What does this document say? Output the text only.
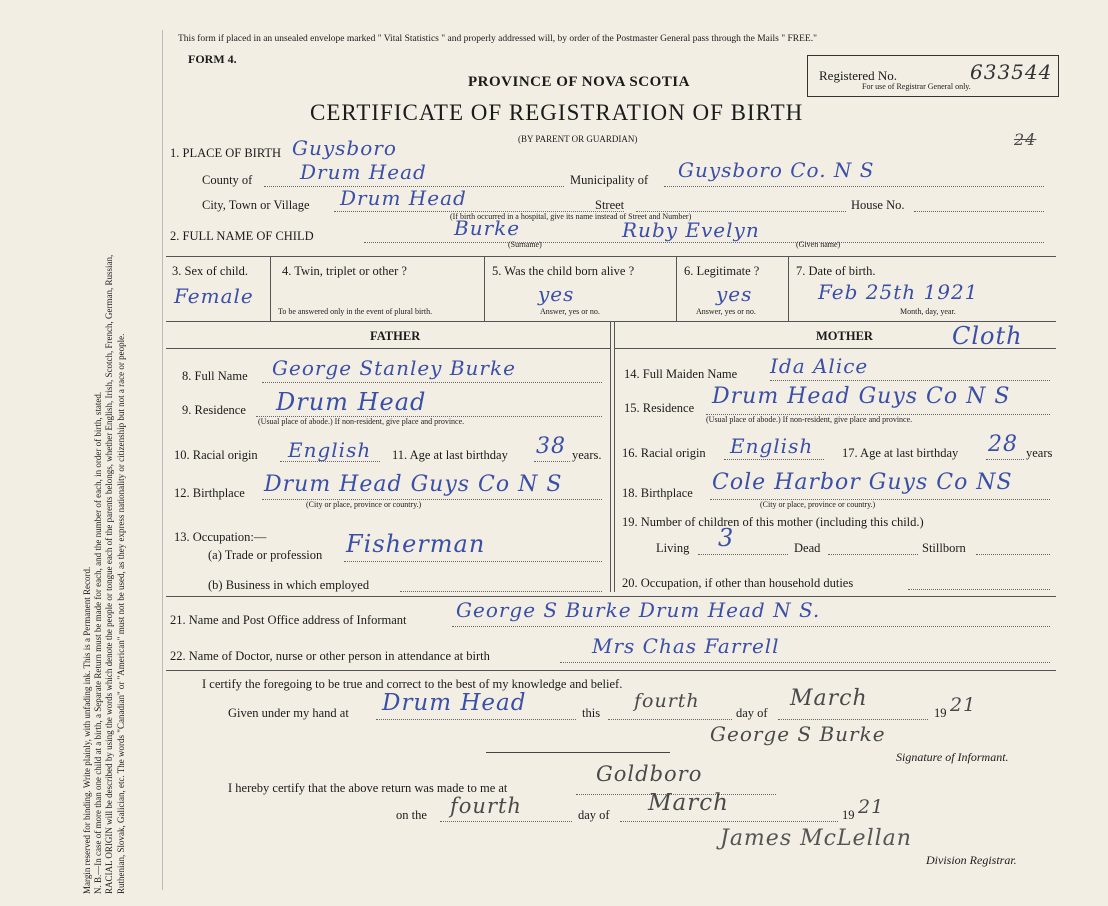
Margin reserved for binding. Write plainly, with unfading ink. This is a Permanent Record. N. B.—In case of more than one child at a birth, a Separate Return must be made for each, and the number of each, in order of birth, stated. RACIAL ORIGIN will be described by using the words which denote the people or tongue each of the parents belongs, whether English, Irish, Scotch, French, German, Russian, Ruthenian, Slovak, Galician, etc. The words "Canadian" or "American" must not be used, as they express nationality or citizenship but not a race or people.
This form if placed in an unsealed envelope marked " Vital Statistics " and properly addressed will, by order of the Postmaster General pass through the Mails " FREE."
FORM 4.
PROVINCE OF NOVA SCOTIA
CERTIFICATE OF REGISTRATION OF BIRTH
(BY PARENT OR GUARDIAN)
Registered No.
For use of Registrar General only.
633544
24
1. PLACE OF BIRTH Guysboro
County of Drum Head	Municipality of Guysboro Co. N S
City, Town or Village Drum Head	Street	House No.
(If birth occurred in a hospital, give its name instead of Street and Number)
2. FULL NAME OF CHILD	Burke	Ruby Evelyn
(Surname)	(Given name)
3. Sex of child.
Female
4. Twin, triplet or other ?
To be answered only in the event of plural birth.
5. Was the child born alive ?
yes
Answer, yes or no.
6. Legitimate ?
yes
Answer, yes or no.
7. Date of birth.
Feb 25th 1921
Month, day, year.
FATHER	MOTHER
8. Full Name George Stanley Burke
9. Residence Drum Head
(Usual place of abode.) If non-resident, give place and province.
10. Racial origin English 11. Age at last birthday 38 years.
12. Birthplace Drum Head Guys Co N S
(City or place, province or country.)
13. Occupation:—
(a) Trade or profession Fisherman
(b) Business in which employed
14. Full Maiden Name Ida Alice
Cloth
15. Residence Drum Head Guys Co N S
(Usual place of abode.) If non-resident, give place and province.
16. Racial origin English 17. Age at last birthday 28 years
18. Birthplace Cole Harbor Guys Co NS
(City or place, province or country.)
19. Number of children of this mother (including this child.)
Living 3	Dead	Stillborn
20. Occupation, if other than household duties
21. Name and Post Office address of Informant George S Burke Drum Head N S.
22. Name of Doctor, nurse or other person in attendance at birth	Mrs Chas Farrell
I certify the foregoing to be true and correct to the best of my knowledge and belief.
Given under my hand at Drum Head	this
fourth
day of
March
19 21
George S Burke
Signature of Informant.
I hereby certify that the above return was made to me at
Goldboro
on the fourth	day of March	19 21
James McLellan
Division Registrar.
